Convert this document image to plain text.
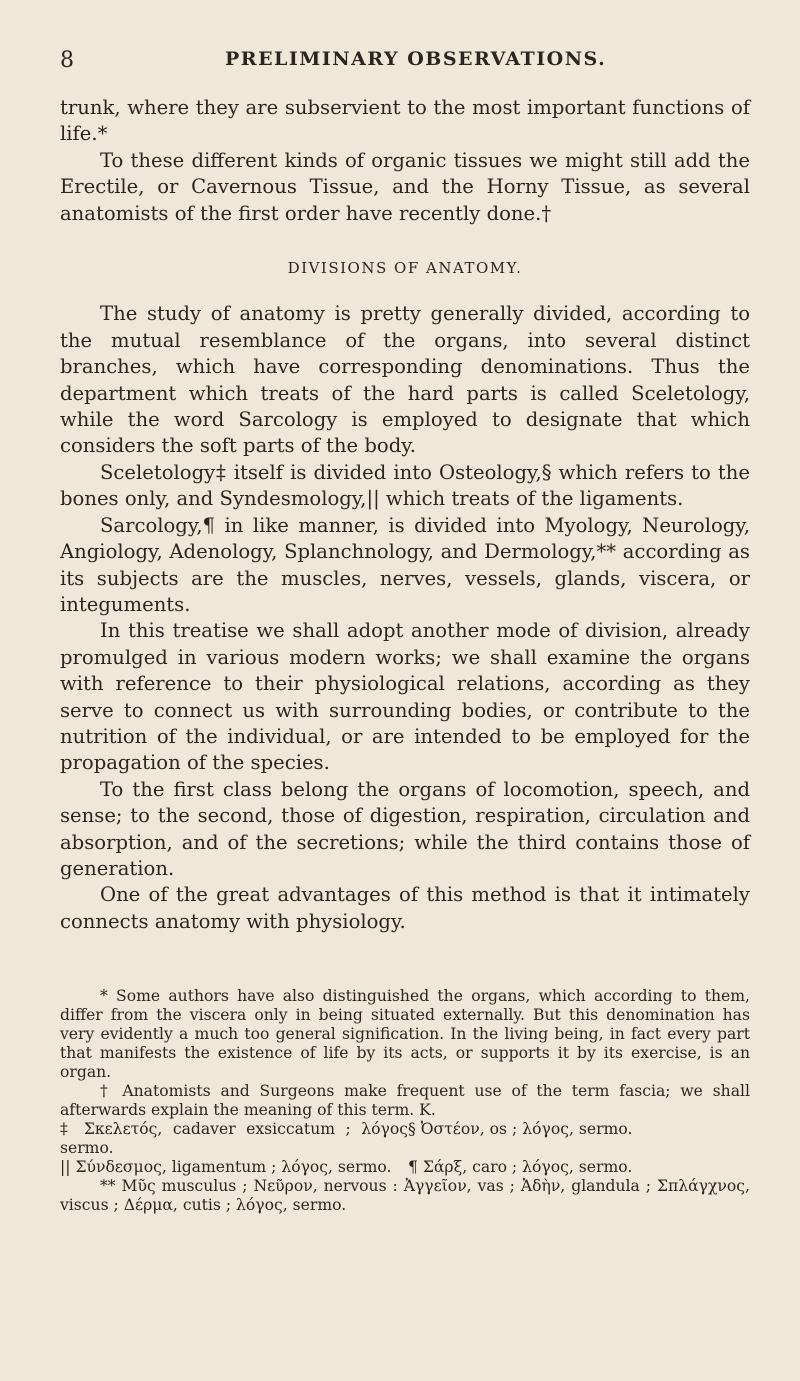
8	PRELIMINARY OBSERVATIONS.

trunk, where they are subservient to the most important functions of life.*

To these different kinds of organic tissues we might still add the Erectile, or Cavernous Tissue, and the Horny Tissue, as several anatomists of the first order have recently done.†

DIVISIONS OF ANATOMY.

The study of anatomy is pretty generally divided, according to the mutual resemblance of the organs, into several distinct branches, which have corresponding denominations. Thus the department which treats of the hard parts is called Sceletology, while the word Sarcology is employed to designate that which considers the soft parts of the body.

Sceletology‡ itself is divided into Osteology,§ which refers to the bones only, and Syndesmology,|| which treats of the ligaments.

Sarcology,¶ in like manner, is divided into Myology, Neurology, Angiology, Adenology, Splanchnology, and Dermology,** according as its subjects are the muscles, nerves, vessels, glands, viscera, or integuments.

In this treatise we shall adopt another mode of division, already promulged in various modern works; we shall examine the organs with reference to their physiological relations, according as they serve to connect us with surrounding bodies, or contribute to the nutrition of the individual, or are intended to be employed for the propagation of the species.

To the first class belong the organs of locomotion, speech, and sense; to the second, those of digestion, respiration, circulation and absorption, and of the secretions; while the third contains those of generation.

One of the great advantages of this method is that it intimately connects anatomy with physiology.

* Some authors have also distinguished the organs, which according to them, differ from the viscera only in being situated externally. But this denomination has very evidently a much too general signification. In the living being, in fact every part that manifests the existence of life by its acts, or supports it by its exercise, is an organ.

† Anatomists and Surgeons make frequent use of the term fascia; we shall afterwards explain the meaning of this term. K.

‡ Σκελετός, cadaver exsiccatum ; λόγος sermo.
§ Ὀστέον, os ; λόγος, sermo.
|| Σύνδεσμος, ligamentum ; λόγος, sermo.	¶ Σάρξ, caro ; λόγος, sermo.

** Μῦς musculus ; Νεῦρον, nervous : Ἀγγεῖον, vas ; Ἀδὴν, glandula ; Σπλάγχνος, viscus ; Δέρμα, cutis ; λόγος, sermo.
